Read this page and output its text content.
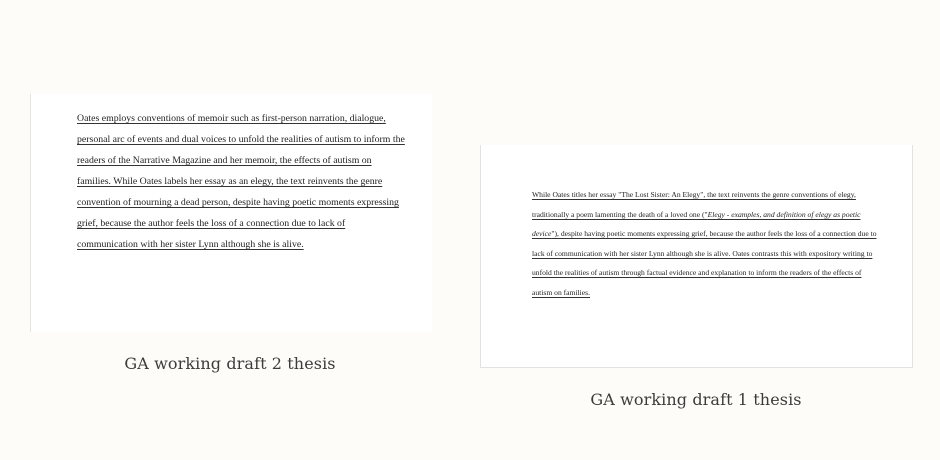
Oates employs conventions of memoir such as first-person narration, dialogue, personal arc of events and dual voices to unfold the realities of autism to inform the readers of the Narrative Magazine and her memoir, the effects of autism on families. While Oates labels her essay as an elegy, the text reinvents the genre convention of mourning a dead person, despite having poetic moments expressing grief, because the author feels the loss of a connection due to lack of communication with her sister Lynn although she is alive.

GA working draft 2 thesis

While Oates titles her essay "The Lost Sister: An Elegy", the text reinvents the genre conventions of elegy, traditionally a poem lamenting the death of a loved one ("Elegy - examples, and definition of elegy as poetic device"), despite having poetic moments expressing grief, because the author feels the loss of a connection due to lack of communication with her sister Lynn although she is alive. Oates contrasts this with expository writing to unfold the realities of autism through factual evidence and explanation to inform the readers of the effects of autism on families.

GA working draft 1 thesis
